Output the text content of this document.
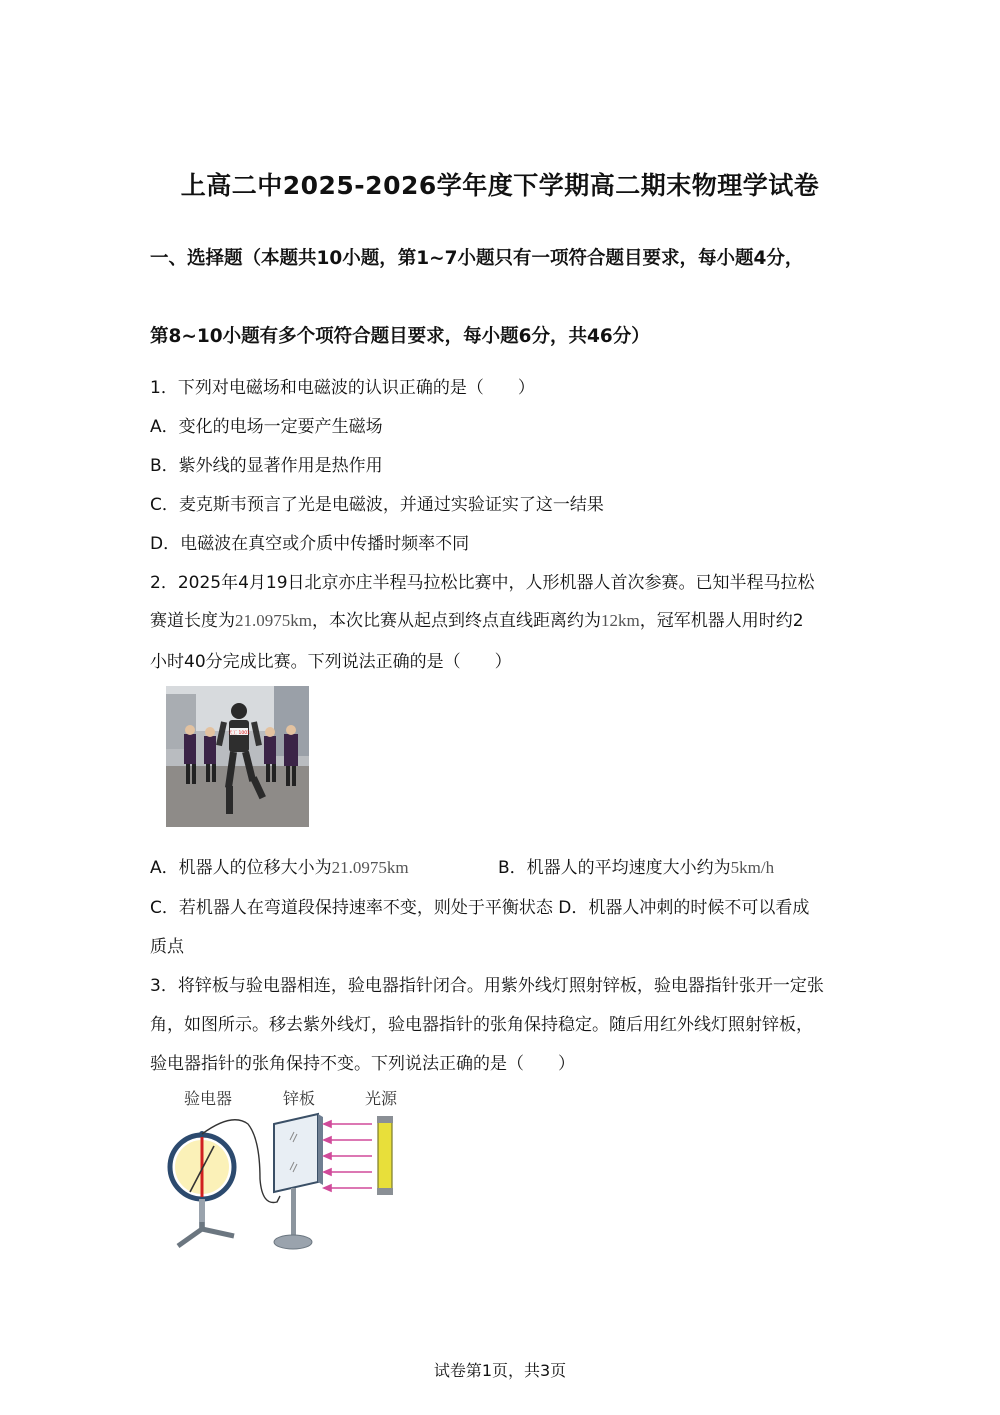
上高二中2025-2026学年度下学期高二期末物理学试卷
一、选择题（本题共10小题，第1~7小题只有一项符合题目要求，每小题4分，
第8~10小题有多个项符合题目要求，每小题6分，共46分）
1．下列对电磁场和电磁波的认识正确的是（　　）
A．变化的电场一定要产生磁场
B．紫外线的显著作用是热作用
C．麦克斯韦预言了光是电磁波，并通过实验证实了这一结果
D．电磁波在真空或介质中传播时频率不同
2．2025年4月19日北京亦庄半程马拉松比赛中，人形机器人首次参赛。已知半程马拉松
赛道长度为21.0975km，本次比赛从起点到终点直线距离约为12km，冠军机器人用时约2
小时40分完成比赛。下列说法正确的是（　　）
天工 1001
A．机器人的位移大小为21.0975km	B．机器人的平均速度大小约为5km/h
C．若机器人在弯道段保持速率不变，则处于平衡状态 D．机器人冲刺的时候不可以看成
质点
3．将锌板与验电器相连，验电器指针闭合。用紫外线灯照射锌板，验电器指针张开一定张
角，如图所示。移去紫外线灯，验电器指针的张角保持稳定。随后用红外线灯照射锌板，
验电器指针的张角保持不变。下列说法正确的是（　　）
验电器	锌板	光源
试卷第1页，共3页
